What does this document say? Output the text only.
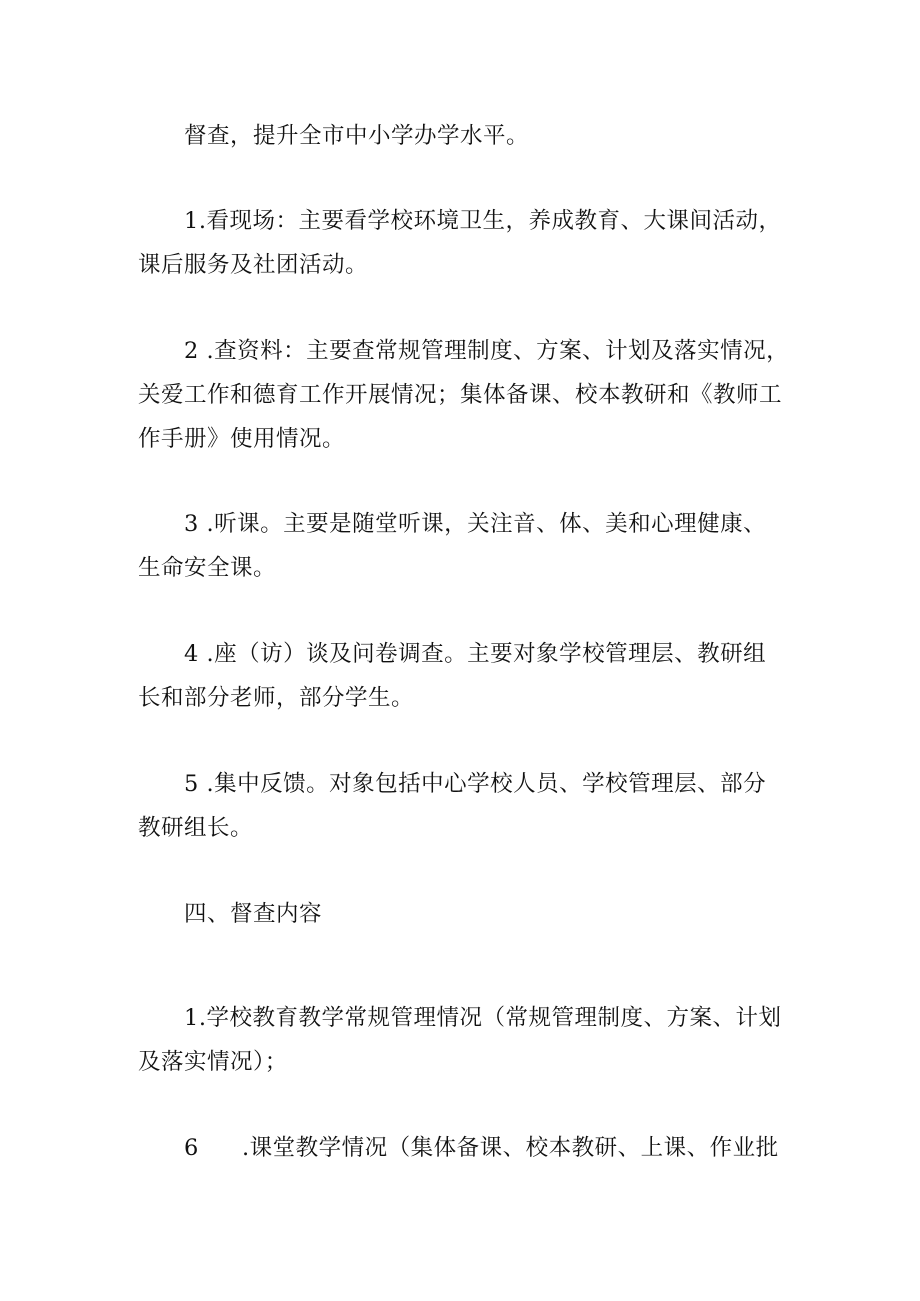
督查，提升全市中小学办学水平。

1.看现场：主要看学校环境卫生，养成教育、大课间活动，
课后服务及社团活动。

2 .查资料：主要查常规管理制度、方案、计划及落实情况，
关爱工作和德育工作开展情况；集体备课、校本教研和《教师工
作手册》使用情况。

3 .听课。主要是随堂听课，关注音、体、美和心理健康、
生命安全课。

4 .座（访）谈及问卷调查。主要对象学校管理层、教研组
长和部分老师，部分学生。

5 .集中反馈。对象包括中心学校人员、学校管理层、部分
教研组长。

四、督查内容

1.学校教育教学常规管理情况（常规管理制度、方案、计划
及落实情况）；

6 .课堂教学情况（集体备课、校本教研、上课、作业批
